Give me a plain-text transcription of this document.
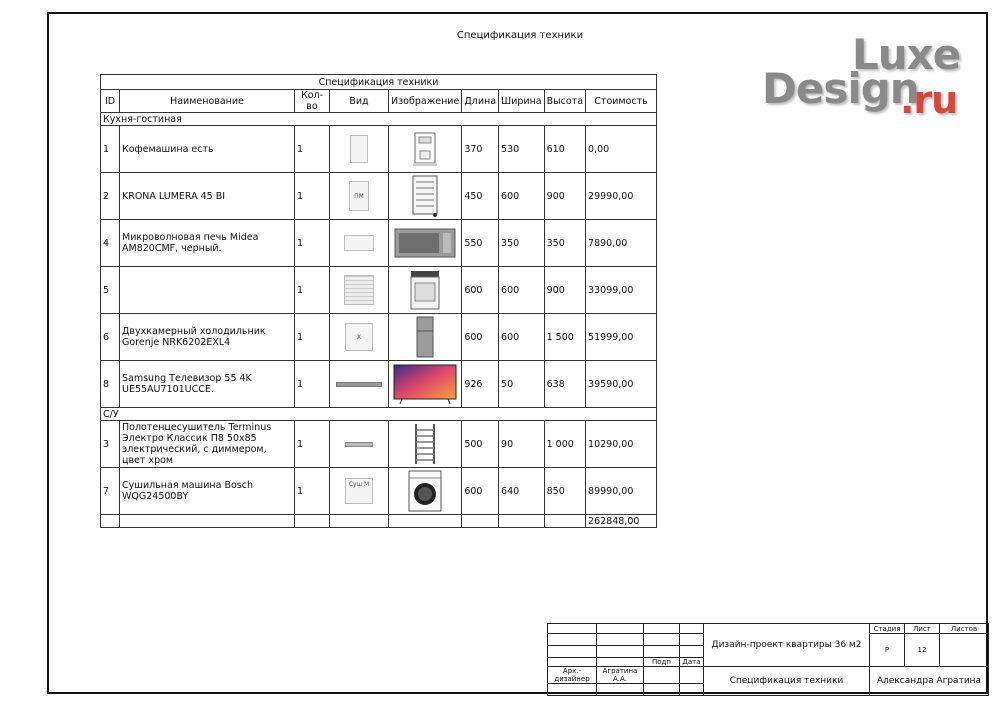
Спецификация техники	Luxe
Design
.ru
Спецификация техники								
ID	Наименование	Кол-во	Вид	Изображение	Длина	Ширина	Высота	Стоимость
Кухня-гостиная								
1	Кофемашина есть	1			370	530	610	0,00
2	KRONA LUMERA 45 BI	1	ПМ		450	600	900	29990,00
4	Микроволновая печь Midea AM820CMF, черный.	1			550	350	350	7890,00
5		1			600	600	900	33099,00
6	Двухкамерный холодильник Gorenje NRK6202EXL4	1	X		600	600	1 500	51999,00
8	Samsung Телевизор 55 4K UE55AU7101UCCE.	1			926	50	638	39590,00
С/У								
3	Полотенцесушитель Terminus Электро Классик П8 50х85 электрический, с диммером, цвет хром	1			500	90	1 000	10290,00
7	Сушильная машина Bosch WQG24500BY	1	Суш М		600	640	850	89990,00
								262848,00
				Дизайн-проект квартиры 36 м2	Стадия	Лист	Листов
					Р	12	

		Подп	Дата				
Арх.-дизайнер	Агратина А.А.			Спецификация техники	Александра Агратина		
